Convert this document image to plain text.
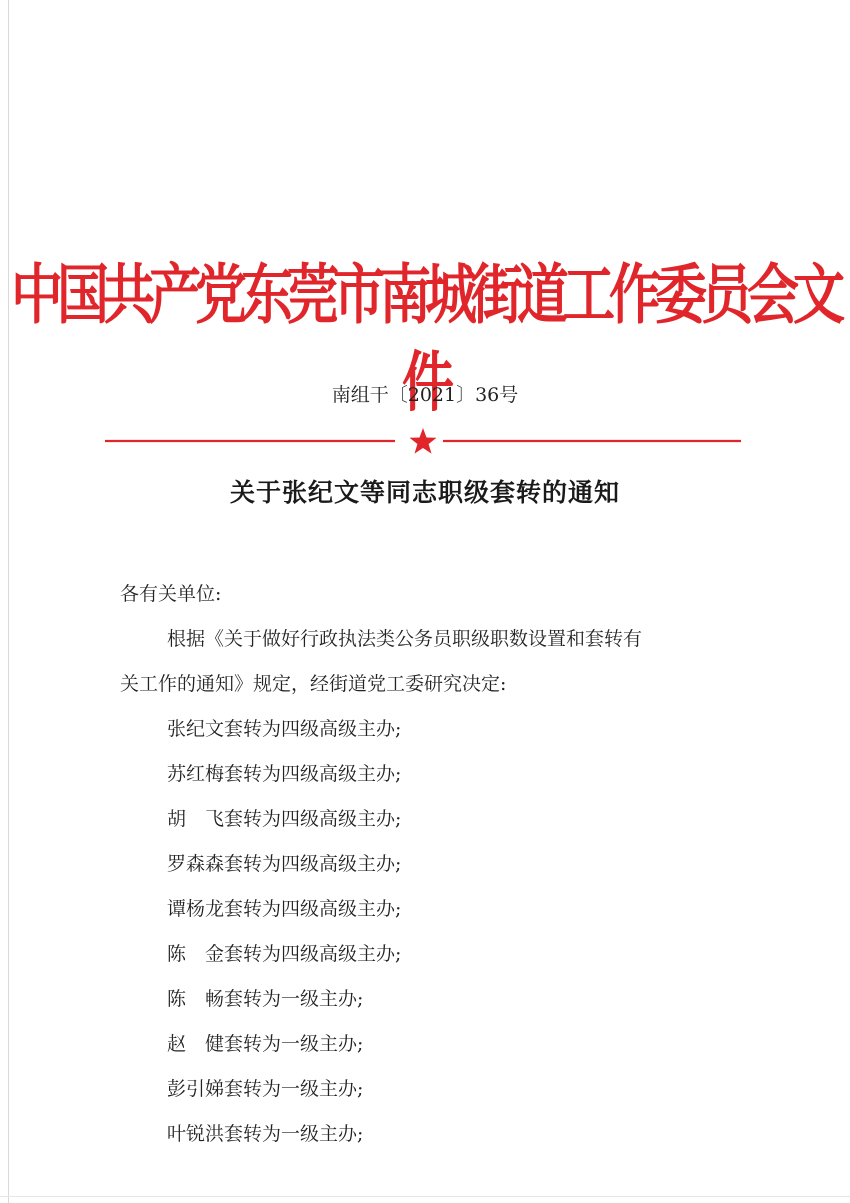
中国共产党东莞市南城街道工作委员会文件
南组干〔2021〕36号
关于张纪文等同志职级套转的通知
各有关单位:
根据《关于做好行政执法类公务员职级职数设置和套转有
关工作的通知》规定，经街道党工委研究决定:
张纪文套转为四级高级主办;
苏红梅套转为四级高级主办;
胡　飞套转为四级高级主办;
罗森森套转为四级高级主办;
谭杨龙套转为四级高级主办;
陈　金套转为四级高级主办;
陈　畅套转为一级主办;
赵　健套转为一级主办;
彭引娣套转为一级主办;
叶锐洪套转为一级主办;
